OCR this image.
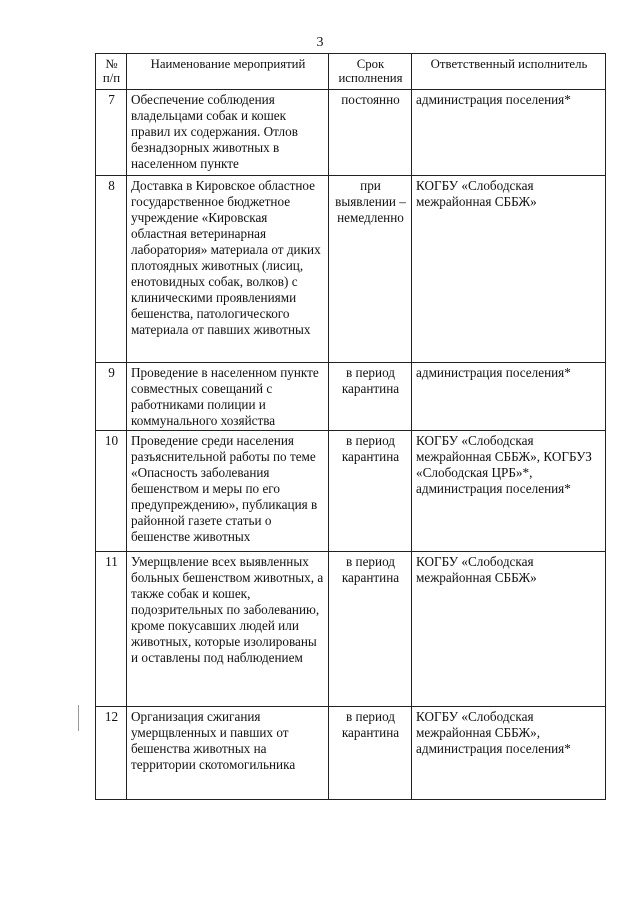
3
№ п/п	Наименование мероприятий	Срок исполнения	Ответственный исполнитель
7	Обеспечение соблюдения владельцами собак и кошек правил их содержания. Отлов безнадзорных животных в населенном пункте	постоянно	администрация поселения*
8	Доставка в Кировское областное государственное бюджетное учреждение «Кировская областная ветеринарная лаборатория» материала от диких плотоядных животных (лисиц, енотовидных собак, волков) с клиническими проявлениями бешенства, патологического материала от павших животных	при выявлении – немедленно	КОГБУ «Слободская межрайонная СББЖ»
9	Проведение в населенном пункте совместных совещаний с работниками полиции и коммунального хозяйства	в период карантина	администрация поселения*
10	Проведение среди населения разъяснительной работы по теме «Опасность заболевания бешенством и меры по его предупреждению», публикация в районной газете статьи о бешенстве животных	в период карантина	КОГБУ «Слободская межрайонная СББЖ», КОГБУЗ «Слободская ЦРБ»*, администрация поселения*
11	Умерщвление всех выявленных больных бешенством животных, а также собак и кошек, подозрительных по заболеванию, кроме покусавших людей или животных, которые изолированы и оставлены под наблюдением	в период карантина	КОГБУ «Слободская межрайонная СББЖ»
12	Организация сжигания умерщвленных и павших от бешенства животных на территории скотомогильника	в период карантина	КОГБУ «Слободская межрайонная СББЖ», администрация поселения*
